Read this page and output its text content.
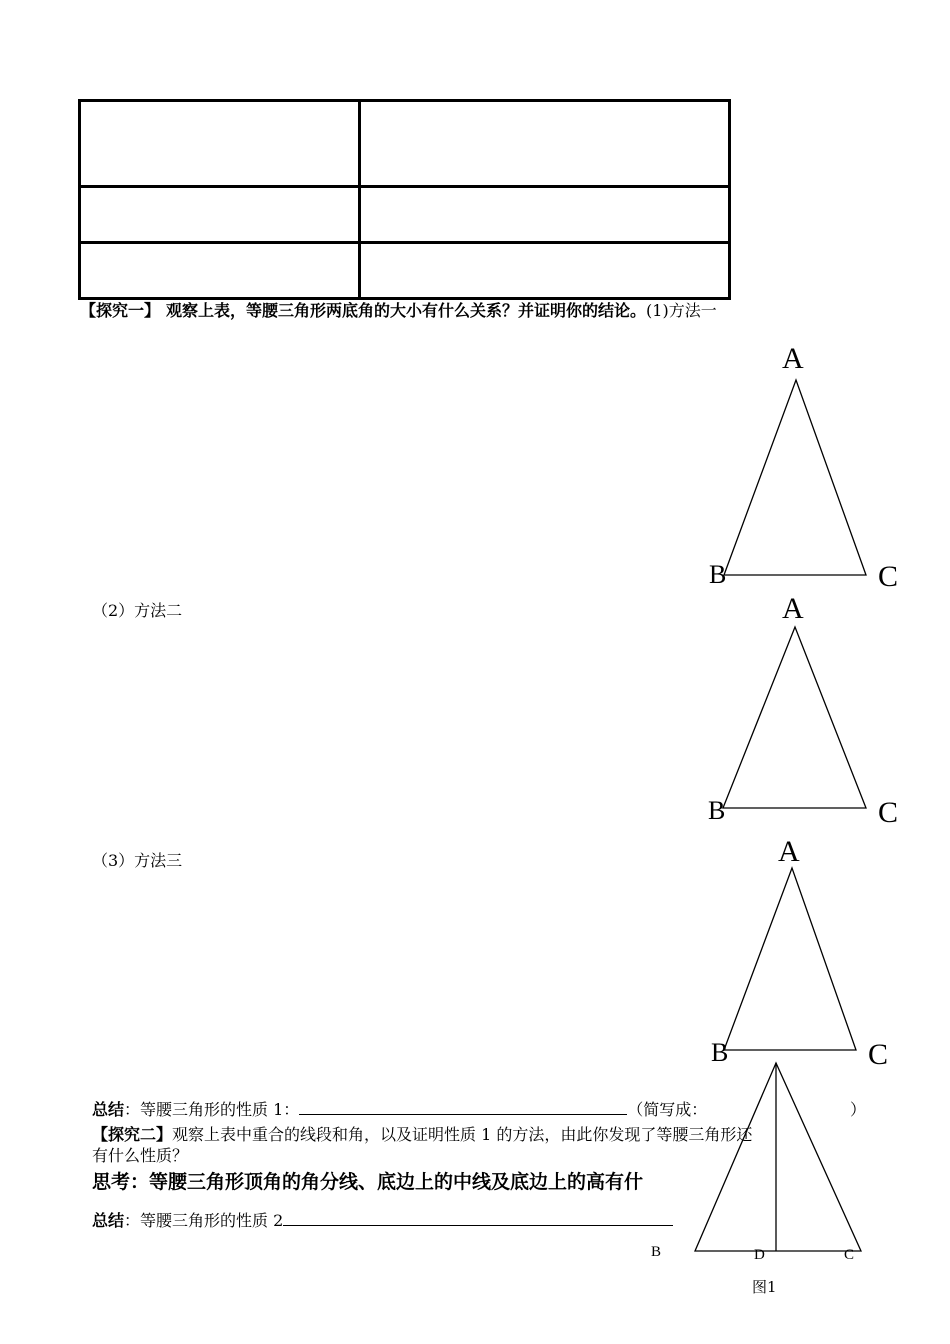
【探究一】 观察上表，等腰三角形两底角的大小有什么关系？并证明你的结论。(1)方法一
（2）方法二
（3）方法三
A
B	C
A
B	C
A
B	C
总结：等腰三角形的性质 1：	（简写成：	）
【探究二】观察上表中重合的线段和角，以及证明性质 1 的方法，由此你发现了等腰三角形还
有什么性质？
思考：等腰三角形顶角的角分线、底边上的中线及底边上的高有什
总结：等腰三角形的性质 2
B	D	C
图1
